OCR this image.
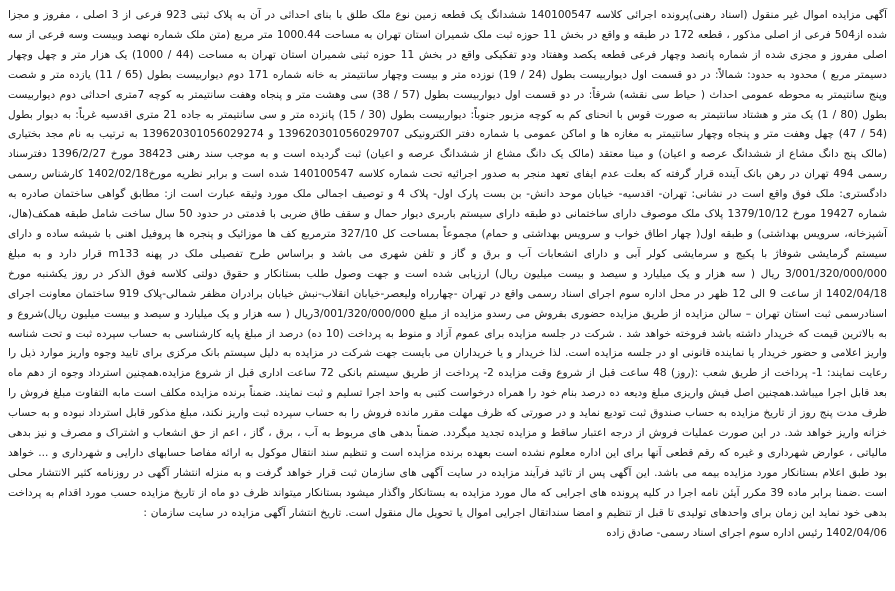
آگهی مزایده اموال غیر منقول (اسناد رهنی)پرونده اجرائی کلاسه 140100547 ششدانگ یک قطعه زمین نوع ملک طلق با بنای احداثی در آن به پلاک ثبتی 923 فرعی از 3 اصلی ، مفروز و مجزا شده از504 فرعی از اصلی مذکور ، قطعه 172 در طبقه و واقع در بخش 11 حوزه ثبت ملک شمیران استان تهران به مساحت 1000.44 متر مربع (متن ملک شماره نهصد وبیست وسه فرعی از سه اصلی مفروز و مجزی شده از شماره پانصد وچهار فرعی قطعه یکصد وهفتاد ودو تفکیکی واقع در بخش 11 حوزه ثبتی شمیران استان تهران به مساحت (44 / 1000) یک هزار متر و چهل وچهار دسیمتر مربع ) محدود به حدود: شمالاً: در دو قسمت اول دیواربیست بطول (24 / 19) نوزده متر و بیست وچهار سانتیمتر به خانه شماره 171 دوم دیواربیست بطول (65 / 11) یازده متر و شصت وپنج سانتیمتر به محوطه عمومی احداث ( حیاط سی نقشه) شرقاً: در دو قسمت اول دیواربیست بطول (57 / 38) سی وهشت متر و پنجاه وهفت سانتیمتر به کوچه 7متری احداثی دوم دیواربیست بطول (80 / 1) یک متر و هشتاد سانتیمتر به صورت قوس با انحنای کم به کوچه مزبور جنوباً: دیواربیست بطول (30 / 15) پانزده متر و سی سانتیمتر به جاده 21 متری اقدسیه غرباً: به دیوار بطول (54 / 47) چهل وهفت متر و پنجاه وچهار سانتیمتر به مغازه ها و اماکن عمومی با شماره دفتر الکترونیکی 139620301056029707 و 139620301056029274 به ترتیب به نام مجد بختیاری (مالک پنج دانگ مشاع از ششدانگ عرصه و اعیان) و مینا معتقد (مالک یک دانگ مشاع از ششدانگ عرصه و اعیان) ثبت گردیده است و به موجب سند رهنی 38423 مورخ 1396/2/27 دفترسناد رسمی 494 تهران در رهن بانک آینده قرار گرفته که بعلت عدم ایفای تعهد منجر به صدور اجرائیه تحت شماره کلاسه 140100547 شده است و برابر نظریه مورخ1402/02/18 کارشناس رسمی دادگستری: ملک فوق واقع است در نشانی: تهران- اقدسیه- خیابان موحد دانش- بن بست پارک اول- پلاک 4 و توصیف اجمالی ملک مورد وثیقه عبارت است از: مطابق گواهی ساختمان صادره به شماره 19427 مورخ 1379/10/12 پلاک ملک موصوف دارای ساختمانی دو طبقه دارای سیستم باربری دیوار حمال و سقف طاق ضربی با قدمتی در حدود 50 سال ساخت شامل طبقه همکف(هال، آشپزخانه، سرویس بهداشتی) و طبقه اول( چهار اطاق خواب و سرویس بهداشتی و حمام) مجموعاً بمساحت کل 327/10 مترمربع کف ها موزائیک و پنجره ها پروفیل اهنی با شیشه ساده و دارای سیستم گرمایشی شوفاژ با پکیج و سرمایشی کولر آبی و دارای انشعابات آب و برق و گاز و تلفن شهری می باشد و براساس طرح تفصیلی ملک در پهنه m133 قرار دارد و به مبلغ 3/001/320/000/000 ریال ( سه هزار و یک میلیارد و سیصد و بیست میلیون ریال) ارزیابی شده است و جهت وصول طلب بستانکار و حقوق دولتی کلاسه فوق الذکر در روز یکشنبه مورخ 1402/04/18 از ساعت 9 الی 12 ظهر در محل اداره سوم اجرای اسناد رسمی واقع در تهران -چهارراه ولیعصر-خیابان انقلاب-نبش خیابان برادران مظفر شمالی-پلاک 919 ساختمان معاونت اجرای اسنادرسمی ثبت استان تهران – سالن مزایده از طریق مزایده حضوری بفروش می رسدو مزایده از مبلغ 3/001/320/000/000ریال ( سه هزار و یک میلیارد و سیصد و بیست میلیون ریال)شروع و به بالاترین قیمت که خریدار داشته باشد فروخته خواهد شد . شرکت در جلسه مزایده برای عموم آزاد و منوط به پرداخت (10 ده) درصد از مبلغ پایه کارشناسی به حساب سپرده ثبت و تحت شناسه واریز اعلامی و حضور خریدار یا نماینده قانونی او در جلسه مزایده است. لذا خریدار و یا خریداران می بایست جهت شرکت در مزایده به دلیل سیستم بانک مرکزی برای تایید وجوه واریز موارد ذیل را رعایت نمایند: 1- پرداخت از طریق شعب :(روز) 48 ساعت قبل از شروع وقت مزایده 2- پرداخت از طریق سیستم بانکی 72 ساعت اداری قبل از شروع مزایده.همچنین استرداد وجوه از دهم ماه بعد قابل اجرا میباشد.همچنین اصل فیش واریزی مبلغ ودیعه ده درصد بنام خود را همراه درخواست کتبی به واحد اجرا تسلیم و ثبت نمایند. ضمناً برنده مزایده مکلف است مابه التفاوت مبلغ فروش را ظرف مدت پنج روز از تاریخ مزایده به حساب صندوق ثبت تودیع نماید و در صورتی که ظرف مهلت مقرر مانده فروش را به حساب سپرده ثبت واریز نکند، مبلغ مذکور قابل استرداد نبوده و به حساب خزانه واریز خواهد شد. در این صورت عملیات فروش از درجه اعتبار ساقط و مزایده تجدید میگردد. ضمناً بدهی های مربوط به آب ، برق ، گاز ، اعم از حق انشعاب و اشتراک و مصرف و نیز بدهی مالیاتی ، عوارض شهرداری و غیره که رقم قطعی آنها برای این اداره معلوم نشده است بعهده برنده مزایده است و تنظیم سند انتقال موکول به ارائه مفاصا حسابهای دارایی و شهرداری و ... خواهد بود طبق اعلام بستانکار مورد مزایده بیمه می باشد. این آگهی پس از تائید فرآیند مزایده در سایت آگهی های سازمان ثبت قرار خواهد گرفت و به منزله انتشار آگهی در روزنامه کثیر الانتشار محلی است .ضمنا برابر ماده 39 مکرر آیئن نامه اجرا در کلیه پرونده های اجرایی که مال مورد مزایده به بستانکار واگذار میشود بستانکار میتواند ظرف دو ماه از تاریخ مزایده حسب مورد اقدام به پرداخت بدهی خود نماید این زمان برای واحدهای تولیدی تا قبل از تنظیم و امضا سنداتقال اجرایی اموال یا تحویل مال منقول است. تاریخ انتشار آگهی مزایده در سایت سازمان :

1402/04/06 رئیس اداره سوم اجرای اسناد رسمی- صادق زاده
